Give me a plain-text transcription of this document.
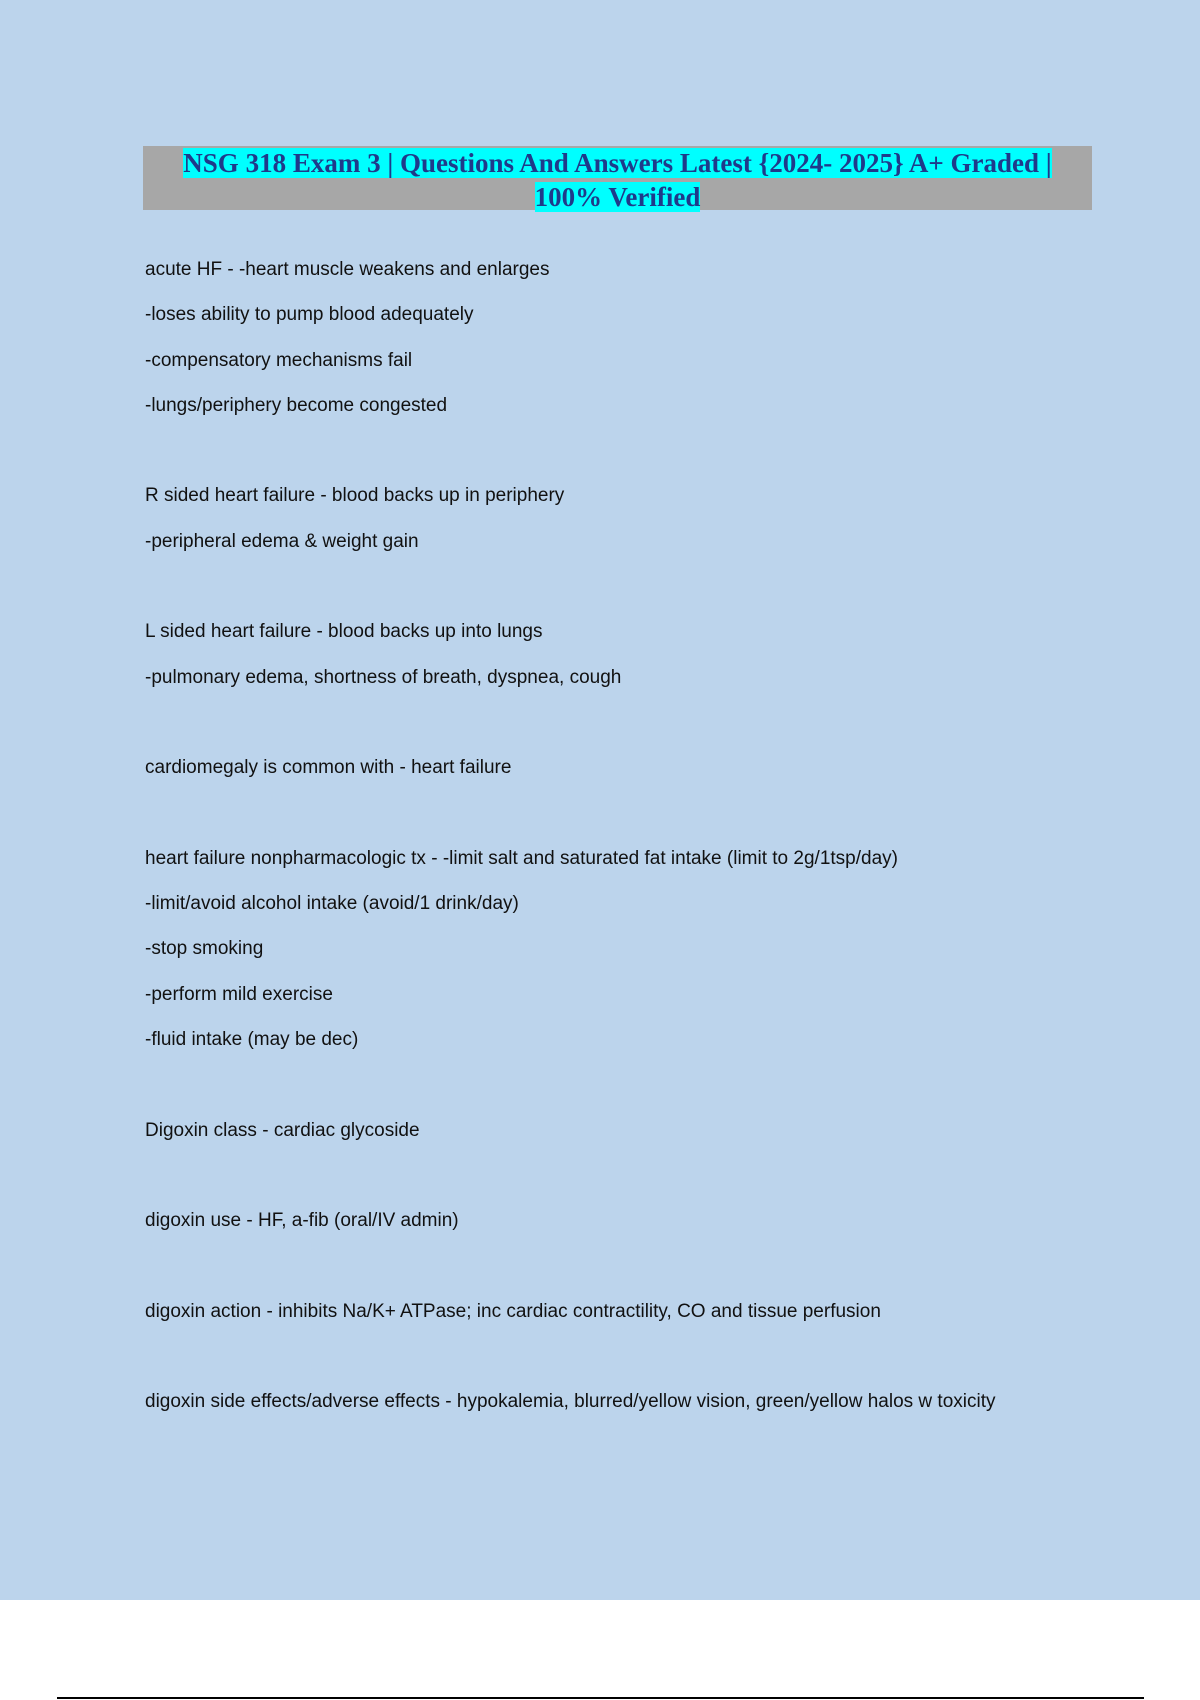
NSG 318 Exam 3 | Questions And Answers Latest {2024- 2025} A+ Graded |
100% Verified
acute HF - -heart muscle weakens and enlarges
-loses ability to pump blood adequately
-compensatory mechanisms fail
-lungs/periphery become congested
R sided heart failure - blood backs up in periphery
-peripheral edema & weight gain
L sided heart failure - blood backs up into lungs
-pulmonary edema, shortness of breath, dyspnea, cough
cardiomegaly is common with - heart failure
heart failure nonpharmacologic tx - -limit salt and saturated fat intake (limit to 2g/1tsp/day)
-limit/avoid alcohol intake (avoid/1 drink/day)
-stop smoking
-perform mild exercise
-fluid intake (may be dec)
Digoxin class - cardiac glycoside
digoxin use - HF, a-fib (oral/IV admin)
digoxin action - inhibits Na/K+ ATPase; inc cardiac contractility, CO and tissue perfusion
digoxin side effects/adverse effects - hypokalemia, blurred/yellow vision, green/yellow halos w toxicity
